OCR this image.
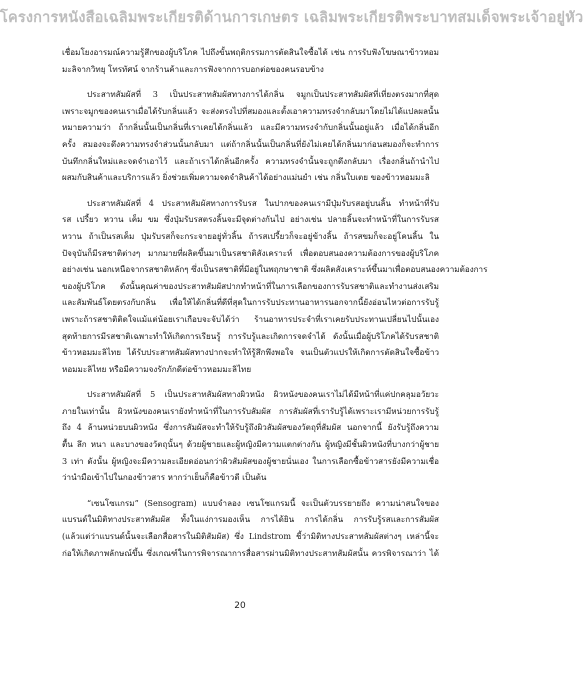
โครงการหนังสือเฉลิมพระเกียรติด้านการเกษตร เฉลิมพระเกียรติพระบาทสมเด็จพระเจ้าอยู่หัว

เชื่อมโยงอารมณ์ความรู้สึกของผู้บริโภค ไปถึงขั้นพฤติกรรมการตัดสินใจซื้อได้ เช่น การรับฟังโฆษณาข้าวหอม
มะลิจากวิทยุ โทรทัศน์ จากร้านค้าและการฟังจากการบอกต่อของคนรอบข้าง

ประสาทสัมผัสที่ 3 เป็นประสาทสัมผัสทางการได้กลิ่น จมูกเป็นประสาทสัมผัสที่เที่ยงตรงมากที่สุด
เพราะจมูกของคนเราเมื่อได้รับกลิ่นแล้ว จะส่งตรงไปที่สมองและตั้งเอาความทรงจำกลับมาโดยไม่ได้แปลผลนั้น
หมายความว่า ถ้ากลิ่นนั้นเป็นกลิ่นที่เราเคยได้กลิ่นแล้ว และมีความทรงจำกับกลิ่นนั้นอยู่แล้ว เมื่อได้กลิ่นอีก
ครั้ง สมองจะดึงความทรงจำส่วนนั้นกลับมา แต่ถ้ากลิ่นนั้นเป็นกลิ่นที่ยังไม่เคยได้กลิ่นมาก่อนสมองก็จะทำการ
บันทึกกลิ่นใหม่และจดจำเอาไว้ และถ้าเราได้กลิ่นอีกครั้ง ความทรงจำนั้นจะถูกดึงกลับมา เรื่องกลิ่นถ้านำไป
ผสมกับสินค้าและบริการแล้ว ยิ่งช่วยเพิ่มความจดจำสินค้าได้อย่างแม่นยำ เช่น กลิ่นใบเตย ของข้าวหอมมะลิ

ประสาทสัมผัสที่ 4 ประสาทสัมผัสทางการรับรส ในปากของคนเรามีปุ่มรับรสอยู่บนลิ้น ทำหน้าที่รับ
รส เปรี้ยว หวาน เค็ม ขม ซึ่งปุ่มรับรสตรงลิ้นจะมีจุดต่างกันไป อย่างเช่น ปลายลิ้นจะทำหน้าที่ในการรับรส
หวาน ถ้าเป็นรสเค็ม ปุ่มรับรสก็จะกระจายอยู่ทั่วลิ้น ถ้ารสเปรี้ยวก็จะอยู่ข้างลิ้น ถ้ารสขมก็จะอยู่โคนลิ้น ใน
ปัจจุบันก็มีรสชาติต่างๆ มากมายที่ผลิตขึ้นมาเป็นรสชาติสังเคราะห์ เพื่อตอบสนองความต้องการของผู้บริโภค
อย่างเช่น นอกเหนือจากรสชาติหลักๆ ซึ่งเป็นรสชาติที่มีอยู่ในพฤกษาชาติ ซึ่งผลิตสังเคราะห์ขึ้นมาเพื่อตอบสนองความต้องการ
ของผู้บริโภค ดังนั้นคุณค่าของประสาทสัมผัสปากทำหน้าที่ในการเลือกของการรับรสชาติและทำงานส่งเสริม
และสัมพันธ์โดยตรงกับกลิ่น เพื่อให้ได้กลิ่นที่ดีที่สุดในการรับประทานอาหารนอกจากนี้ยังอ่อนไหวต่อการรับรู้
เพราะถ้ารสชาติติดใจแม้แต่น้อยเราเกือบจะจับได้ว่า ร้านอาหารประจำที่เราเคยรับประทานเปลี่ยนไปนั้นเอง
สุดท้ายการมีรสชาติเฉพาะทำให้เกิดการเรียนรู้ การรับรู้และเกิดการจดจำได้ ดังนั้นเมื่อผู้บริโภคได้รับรสชาติ
ข้าวหอมมะลิไทย ได้รับประสาทสัมผัสทางปากจะทำให้รู้สึกพึงพอใจ จนเป็นตัวแปรให้เกิดการตัดสินใจซื้อข้าว
หอมมะลิไทย หรือมีความจงรักภักดีต่อข้าวหอมมะลิไทย

ประสาทสัมผัสที่ 5 เป็นประสาทสัมผัสทางผิวหนัง ผิวหนังของคนเราไม่ได้มีหน้าที่แค่ปกคลุมอวัยวะ
ภายในเท่านั้น ผิวหนังของคนเรายังทำหน้าที่ในการรับสัมผัส การสัมผัสที่เรารับรู้ได้เพราะเรามีหน่วยการรับรู้
ถึง 4 ล้านหน่วยบนผิวหนัง ซึ่งการสัมผัสจะทำให้รับรู้ถึงผิวสัมผัสของวัตถุที่สัมผัส นอกจากนี้ ยังรับรู้ถึงความ
ตื้น ลึก หนา และบางของวัตถุนั้นๆ ด้วยผู้ชายและผู้หญิงมีความแตกต่างกัน ผู้หญิงมีชั้นผิวหนังที่บางกว่าผู้ชาย
3 เท่า ดังนั้น ผู้หญิงจะมีความละเอียดอ่อนกว่าผิวสัมผัสของผู้ชายนั่นเอง ในการเลือกซื้อข้าวสารยังมีความเชื่อ
ว่านำมือเข้าไปในกองข้าวสาร หากว่าเย็นก็คือข้าวดี เป็นต้น

“เซนโซแกรม” (Sensogram) แบบจำลอง เซนโซแกรมนี้ จะเป็นตัวบรรยายถึง ความน่าสนใจของ
แบรนด์ในมิติทางประสาทสัมผัส ทั้งในแง่การมองเห็น การได้ยิน การได้กลิ่น การรับรู้รสและการสัมผัส
(แล้วแต่ว่าแบรนด์นั้นจะเลือกสื่อสารในมิติสัมผัส) ซึ่ง Lindstrom ชี้ว่ามิติทางประสาทสัมผัสต่างๆ เหล่านี้จะ
ก่อให้เกิดภาพลักษณ์ขึ้น ซึ่งเกณฑ์ในการพิจารณาการสื่อสารผ่านมิติทางประสาทสัมผัสนั้น ควรพิจารณาว่า ได้

20
